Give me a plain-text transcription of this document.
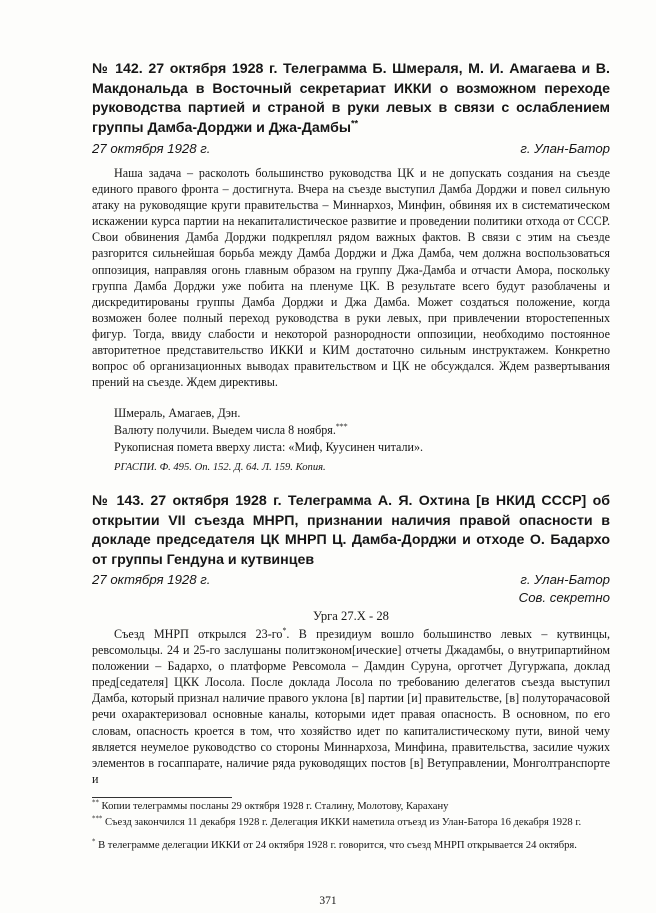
№ 142. 27 октября 1928 г. Телеграмма Б. Шмераля, М. И. Амагаева и В. Макдональда в Восточный секретариат ИККИ о возможном переходе руководства партией и страной в руки левых в связи с ослаблением группы Дамба-Дорджи и Джа-Дамбы**
27 октября 1928 г.	г. Улан-Батор

Наша задача – расколоть большинство руководства ЦК и не допускать создания на съезде единого правого фронта – достигнута. Вчера на съезде выступил Дамба Дорджи и повел сильную атаку на руководящие круги правительства – Миннархоз, Минфин, обвиняя их в систематическом искажении курса партии на некапиталистическое развитие и проведении политики отхода от СССР. Свои обвинения Дамба Дорджи подкреплял рядом важных фактов. В связи с этим на съезде разгорится сильнейшая борьба между Дамба Дорджи и Джа Дамба, чем должна воспользоваться оппозиция, направляя огонь главным образом на группу Джа-Дамба и отчасти Амора, поскольку группа Дамба Дорджи уже побита на пленуме ЦК. В результате всего будут разоблачены и дискредитированы группы Дамба Дорджи и Джа Дамба. Может создаться положение, когда возможен более полный переход руководства в руки левых, при привлечении второстепенных фигур. Тогда, ввиду слабости и некоторой разнородности оппозиции, необходимо постоянное авторитетное представительство ИККИ и КИМ достаточно сильным инструктажем. Конкретно вопрос об организационных выводах правительством и ЦК не обсуждался. Ждем развертывания прений на съезде. Ждем директивы.

Шмераль, Амагаев, Дэн.

Валюту получили. Выедем числа 8 ноября.***

Рукописная помета вверху листа: «Миф, Куусинен читали».

РГАСПИ. Ф. 495. Оп. 152. Д. 64. Л. 159. Копия.

№ 143. 27 октября 1928 г. Телеграмма А. Я. Охтина [в НКИД СССР] об открытии VII съезда МНРП, признании наличия правой опасности в докладе председателя ЦК МНРП Ц. Дамба-Дорджи и отходе О. Бадархо от группы Гендуна и кутвинцев
27 октября 1928 г.	г. Улан-Батор
Сов. секретно
Урга 27.X - 28

Съезд МНРП открылся 23-го*. В президиум вошло большинство левых – кутвинцы, ревсомольцы. 24 и 25-го заслушаны политэконом[ические] отчеты Джадамбы, о внутрипартийном положении – Бадархо, о платформе Ревсомола – Дамдин Суруна, орготчет Дугуржапа, доклад пред[седателя] ЦКК Лосола. После доклада Лосола по требованию делегатов съезда выступил Дамба, который признал наличие правого уклона [в] партии [и] правительстве, [в] полуторачасовой речи охарактеризовал основные каналы, которыми идет правая опасность. В основном, по его словам, опасность кроется в том, что хозяйство идет по капиталистическому пути, виной чему является неумелое руководство со стороны Миннархоза, Минфина, правительства, засилие чужих элементов в госаппарате, наличие ряда руководящих постов [в] Ветуправлении, Монголтранспорте и

** Копии телеграммы посланы 29 октября 1928 г. Сталину, Молотову, Карахану

*** Съезд закончился 11 декабря 1928 г. Делегация ИККИ наметила отъезд из Улан-Батора 16 декабря 1928 г.

* В телеграмме делегации ИККИ от 24 октября 1928 г. говорится, что съезд МНРП открывается 24 октября.

371
